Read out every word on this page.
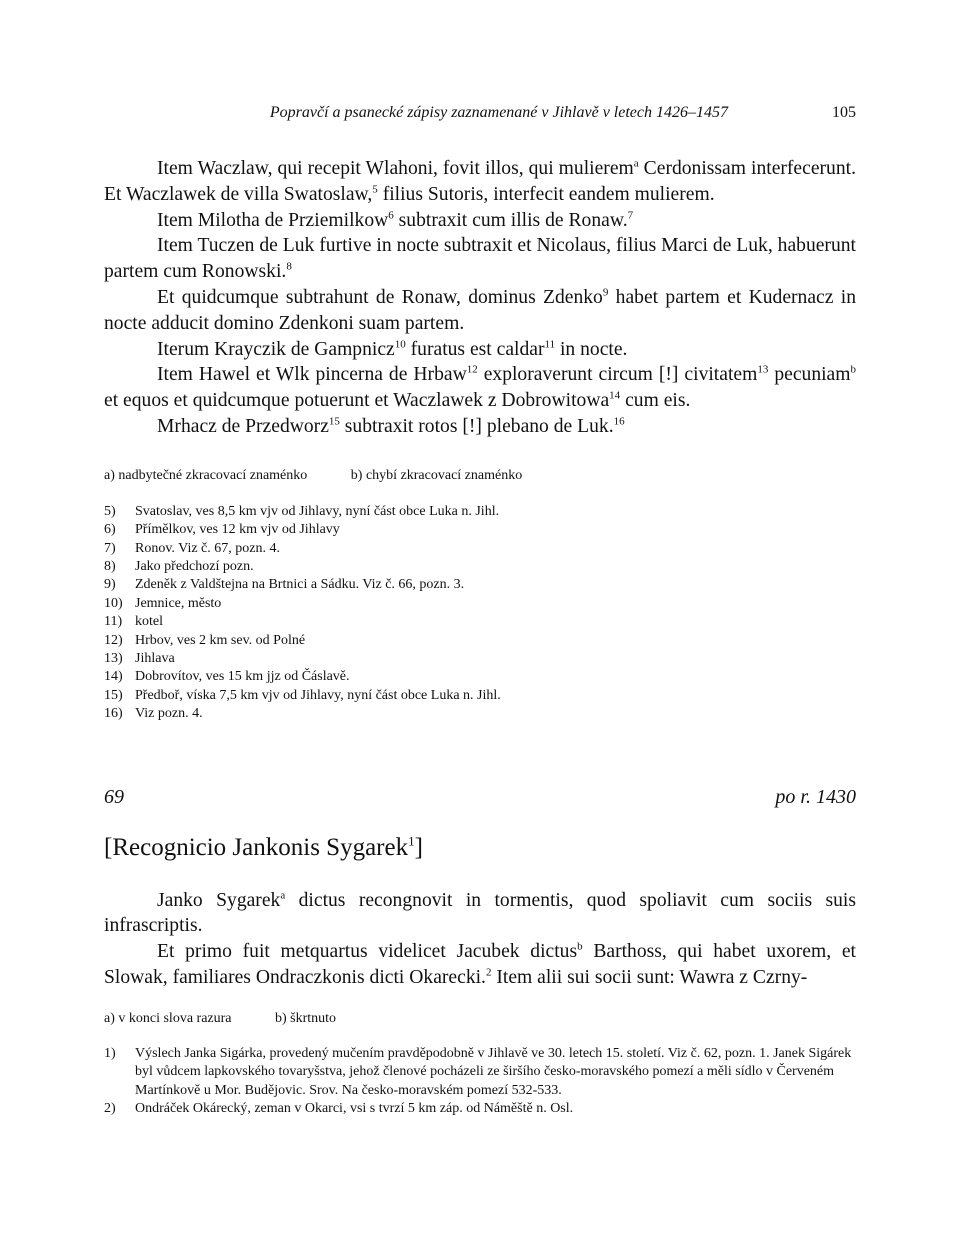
Popravčí a psanecké zápisy zaznamenané v Jihlavě v letech 1426–1457	105

Item Waczlaw, qui recepit Wlahoni, fovit illos, qui mulierem$^a$ Cerdonissam interfecerunt. Et Waczlawek de villa Swatoslaw,$^5$ filius Sutoris, interfecit eandem mulierem.

Item Milotha de Prziemilkow$^6$ subtraxit cum illis de Ronaw.$^7$

Item Tuczen de Luk furtive in nocte subtraxit et Nicolaus, filius Marci de Luk, habuerunt partem cum Ronowski.$^8$

Et quidcumque subtrahunt de Ronaw, dominus Zdenko$^9$ habet partem et Kudernacz in nocte adducit domino Zdenkoni suam partem.

Iterum Krayczik de Gampnicz$^{10}$ furatus est caldar$^{11}$ in nocte.

Item Hawel et Wlk pincerna de Hrbaw$^{12}$ exploraverunt circum [!] civitatem$^{13}$ pecuniam$^b$ et equos et quidcumque potuerunt et Waczlawek z Dobrowitowa$^{14}$ cum eis.

Mrhacz de Przedworz$^{15}$ subtraxit rotos [!] plebano de Luk.$^{16}$

a) nadbytečné zkracovací znaménko	b) chybí zkracovací znaménko
5)	Svatoslav, ves 8,5 km vjv od Jihlavy, nyní část obce Luka n. Jihl.
6)	Přímělkov, ves 12 km vjv od Jihlavy
7)	Ronov. Viz č. 67, pozn. 4.
8)	Jako předchozí pozn.
9)	Zdeněk z Valdštejna na Brtnici a Sádku. Viz č. 66, pozn. 3.
10) Jemnice, město
11) kotel
12) Hrbov, ves 2 km sev. od Polné
13) Jihlava
14) Dobrovítov, ves 15 km jjz od Čáslavě.
15) Předboř, víska 7,5 km vjv od Jihlavy, nyní část obce Luka n. Jihl.
16) Viz pozn. 4.
69	po r. 1430
[Recognicio Jankonis Sygarek$^1$]

Janko Sygarek$^a$ dictus recongnovit in tormentis, quod spoliavit cum sociis suis infrascriptis.

Et primo fuit metquartus videlicet Jacubek dictus$^b$ Barthoss, qui habet uxorem, et Slowak, familiares Ondraczkonis dicti Okarecki.$^2$ Item alii sui socii sunt: Wawra z Czrny-

a) v konci slova razura	b) škrtnuto
1)	Výslech Janka Sigárka, provedený mučením pravděpodobně v Jihlavě ve 30. letech 15. století. Viz č. 62, pozn. 1. Janek Sigárek byl vůdcem lapkovského tovaryšstva, jehož členové pocházeli ze širšího česko-moravského pomezí a měli sídlo v Červeném Martínkově u Mor. Budějovic. Srov. Na česko-moravském pomezí 532-533.
2)	Ondráček Okárecký, zeman v Okarci, vsi s tvrzí 5 km záp. od Náměště n. Osl.
